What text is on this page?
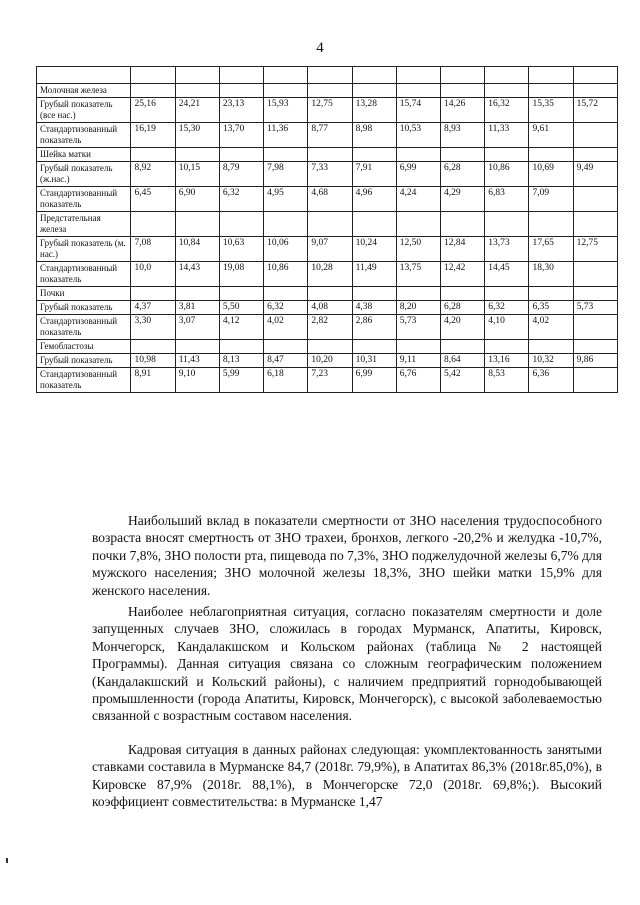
4

Молочная железа											
Грубый показатель (все нас.)	25,16	24,21	23,13	15,93	12,75	13,28	15,74	14,26	16,32	15,35	15,72
Стандартизованный показатель	16,19	15,30	13,70	11,36	8,77	8,98	10,53	8,93	11,33	9,61	
Шейка матки											
Грубый показатель (ж.нас.)	8,92	10,15	8,79	7,98	7,33	7,91	6,99	6,28	10,86	10,69	9,49
Стандартизованный показатель	6,45	6,90	6,32	4,95	4,68	4,96	4,24	4,29	6,83	7,09	
Предстательная железа											
Грубый показатель (м. нас.)	7,08	10,84	10,63	10,06	9,07	10,24	12,50	12,84	13,73	17,65	12,75
Стандартизованный показатель	10,0	14,43	19,08	10,86	10,28	11,49	13,75	12,42	14,45	18,30	
Почки											
Грубый показатель	4,37	3,81	5,50	6,32	4,08	4,38	8,20	6,28	6,32	6,35	5,73
Стандартизованный показатель	3,30	3,07	4,12	4,02	2,82	2,86	5,73	4,20	4,10	4,02	
Гемобластозы											
Грубый показатель	10,98	11,43	8,13	8,47	10,20	10,31	9,11	8,64	13,16	10,32	9,86
Стандартизованный показатель	8,91	9,10	5,99	6,18	7,23	6,99	6,76	5,42	8,53	6,36	

Наибольший вклад в показатели смертности от ЗНО населения трудоспособного возраста вносят смертность от ЗНО трахеи, бронхов, легкого -20,2% и желудка -10,7%, почки 7,8%, ЗНО полости рта, пищевода по 7,3%, ЗНО поджелудочной железы 6,7% для мужского населения; ЗНО молочной железы 18,3%, ЗНО шейки матки 15,9% для женского населения.

Наиболее неблагоприятная ситуация, согласно показателям смертности и доле запущенных случаев ЗНО, сложилась в городах Мурманск, Апатиты, Кировск, Мончегорск, Кандалакшском и Кольском районах (таблица № 2 настоящей Программы). Данная ситуация связана со сложным географическим положением (Кандалакшский и Кольский районы), с наличием предприятий горнодобывающей промышленности (города Апатиты, Кировск, Мончегорск), с высокой заболеваемостью связанной с возрастным составом населения.

Кадровая ситуация в данных районах следующая: укомплектованность занятыми ставками составила в Мурманске 84,7 (2018г. 79,9%), в Апатитах 86,3% (2018г.85,0%), в Кировске 87,9% (2018г. 88,1%), в Мончегорске 72,0 (2018г. 69,8%;). Высокий коэффициент совместительства: в Мурманске 1,47
